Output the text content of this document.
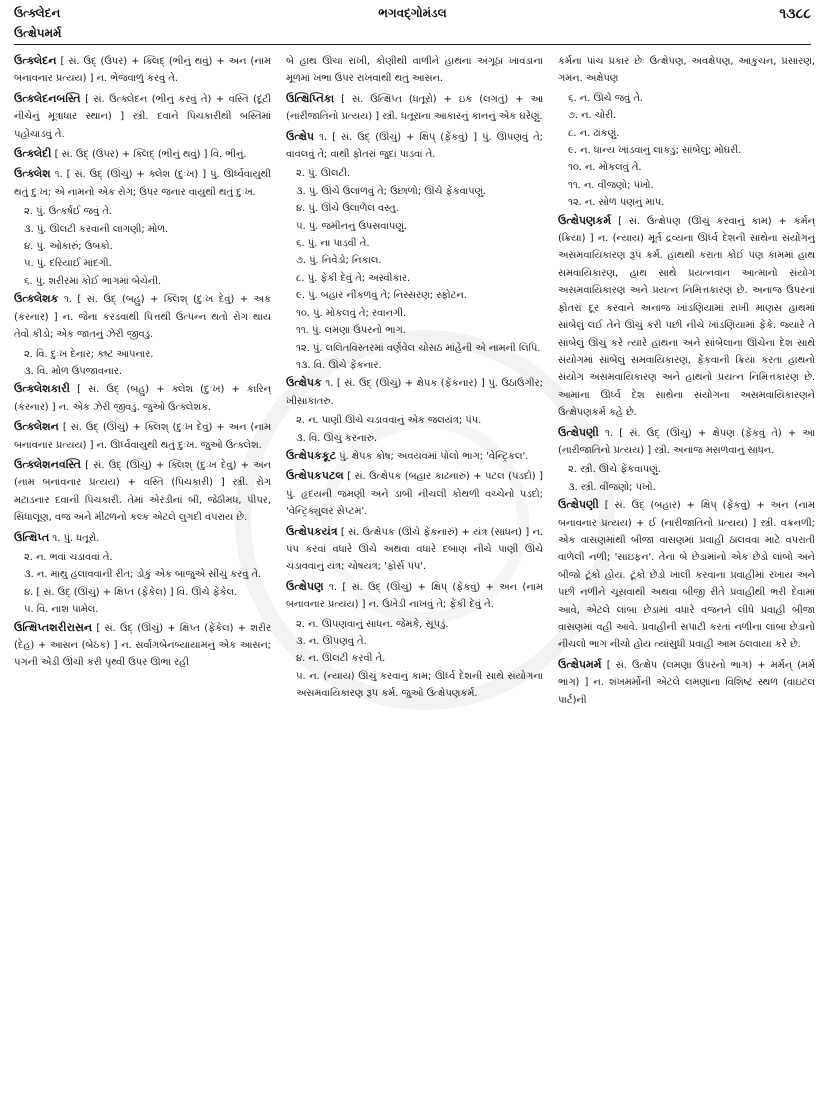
ઉત્ક્લેદન	ભગવદ્ગોમંડલ	૧૩૮૮
ઉત્ક્ષેપમર્મ
ઉત્ક્લેદન [ સં. ઉદ્ (ઉપર) + ક્લિદ્ (ભીનું થવું) + અન (નામ બનાવનાર પ્રત્યય) ] ન. ભેજવાળું કરવું તે.
ઉત્ક્લેદનબસ્તિ [ સં. ઉત્ક્લેદન (ભીનું કરવું તે) + વસ્તિ (દૂંટી નીચેનું મૂત્રાધાર સ્થાન) ] સ્ત્રી. દવાને પિચકારીથી બસ્તિમાં પહોંચાડવું તે.
ઉત્ક્લેદી [ સં. ઉદ્ (ઉપર) + ક્લિદ્ (ભીનું થવું) ] વિ. ભીનું.
ઉત્ક્લેશ ૧. [ સં. ઉદ્ (ઊંચું) + ક્લેશ (દુઃખ) ] પું. ઊર્ધ્વવાયુથી થતું દુઃખ; એ નામનો એક રોગ; ઉપર જનાર વાયુથી થતું દુઃખ.
૨. પું. ઉત્કર્ષઈ જવું તે.
૩. પું. ઊલટી કરવાની લાગણી; મોળ.
૪. પું. ઓકારું; ઉબકો.
૫. પું. દરિયાઈ માંદગી.
૬. પું. શરીરમાં કોઈ ભાગમાં બેચેની.
ઉત્ક્લેશક ૧. [ સં. ઉદ્ (બહુ) + ક્લિશ્ (દુઃખ દેવું) + અક (કરનાર) ] ન. જેના કરડવાથી પિત્તથી ઉત્પન્ન થતો રોગ થાય તેવો કીડો; એક જાતનું ઝેરી જીવડું.
૨. વિ. દુઃખ દેનાર; કષ્ટ આપનાર.
૩. વિ. મોળ ઉપજાવનાર.
ઉત્ક્લેશકારી [ સં. ઉદ્ (બહુ) + ક્લેશ (દુઃખ) + કારિન્ (કરનાર) ] ન. એક ઝેરી જીવડું. જુઓ ઉત્ક્લેશક.
ઉત્ક્લેશન [ સં. ઉદ્ (ઊંચું) + ક્લિશ્ (દુઃખ દેવું) + અન (નામ બનાવનાર પ્રત્યય) ] ન. ઊર્ધ્વવાયુથી થતું દુઃખ. જુઓ ઉત્ક્લેશ.
ઉત્ક્લેશનવસ્તિ [ સં. ઉદ્ (ઊંચું) + ક્લિશ્ (દુઃખ દેવું) + અન (નામ બનાવનાર પ્રત્યય) + વસ્તિ (પિચકારી) ] સ્ત્રી. રોગ મટાડનાર દવાની પિચકારી. તેમાં એરંડીનાં બી, જેઠીમધ, પીપર, સિંધાલૂણ, વજ અને મીંઢળનો કલ્ક એટલે લુગદી વપરાય છે.
ઉત્ક્ષિપ્ત ૧. પું. ધતૂરો.
૨. ન. ભવાં ચડાવવાં તે.
૩. ન. માથું હલાવવાની રીત; ડોકું એક બાજુએ સીંચું કરવું તે.
૪. [ સં. ઉદ્ (ઊંચું) + ક્ષિપ્ત (ફેંકેલ) ] વિ. ઊંચે ફેંકેલ.
૫. વિ. નાશ પામેલ.
ઉત્ક્ષિપ્તશરીરાસન [ સં. ઉદ્ (ઊંચું) + ક્ષિપ્ત (ફેંકેલ) + શરીર (દેહ) + આસન (બેઠક) ] ન. સર્વાંગબેનબ્યાયામનું એક આસન; પગની એડી ઊંચી કરી પૃથ્વી ઉપર ઊભા રહી
બે હાથ ઊંચા રાખી, કોણીથી વાળીને હાથના અંગૂઠા ખાવડાના મૂળમાં ખભા ઉપર રાખવાથી થતું આસન.
ઉત્ક્ષિપ્તિકા [ સં. ઉત્ક્ષિપ્ત (ધતૂરો) + ઇક (લગતું) + આ (નારીજાતિનો પ્રત્યય) ] સ્ત્રી. ધતૂરાના આકારનું કાનનું એક ઘરેણું.
ઉત્ક્ષેપ ૧. [ સં. ઉદ્ (ઊંચું) + ક્ષિપ્ (ફેંકવું) ] પું. ઊપણવું તે; વાવલવું તે; વાથી ફોતરાં જુદાં પાડવાં તે.
૨. પું. ઊલટી.
૩. પું. ઊંચે ઉલાળવું તે; ઉછાળો; ઊંચે ફેંકવાપણું.
૪. પું. ઊંચે ઉલાળેલ વસ્તુ.
૫. પું. જમીનનું ઉપસવાપણું.
૬. પું. ના પાડવી તે.
૭. પું. નિવેડો; નિકાલ.
૮. પું. ફેંકી દેવું તે; અસ્વીકાર.
૯. પું. બહાર નીકળવું તે; નિસ્સરણ; સ્ફોટન.
૧૦. પું. મોકલવું તે; રવાનગી.
૧૧. પું. લમણા ઉપરનો ભાગ.
૧૨. પું. લલિતવિસ્તરમાં વર્ણવેલ ચોસઠ માંહેની એ નામની લિપિ.
૧૩. વિ. ઊંચે ફેંકનાર.
ઉત્ક્ષેપક ૧. [ સં. ઉદ્ (ઊંચું) + ક્ષેપક (ફેંકનાર) ] પું. ઉઠાઉગીર; ખીસાકાતરુ.
૨. ન. પાણી ઊંચે ચડાવવાનું એક જલયંત્ર; પંપ.
૩. વિ. ઊંચું કરનારું.
ઉત્ક્ષેપકકૂટ પું. ક્ષેપક કોષ; અવયવમાં પોલો ભાગ; 'વેન્ટ્રિકલ'.
ઉત્ક્ષેપકપટલ [ સં. ઉત્ક્ષેપક (બહાર કાઢનારું) + પટલ (પડદો) ] પું. હૃદયની જમણી અને ડાબી નીચલી કોથળી વચ્ચેનો પડદો; 'વેન્ટ્રિક્યુલર સેપ્ટમ'.
ઉત્ક્ષેપકયંત્ર [ સં. ઉત્ક્ષેપક (ઊંચે ફેંકનારું) + યંત્ર (સાધન) ] ન. પંપ કરવાં વધારે ઊંચે અથવા વધારે દબાણ નીચે પાણી ઊંચે ચડાવવાનું યંત્ર; ચોષયંત્ર; 'ફોર્સ પંપ'.
ઉત્ક્ષેપણ ૧. [ સં. ઉદ્ (ઊંચું) + ક્ષિપ્ (ફેંકવું) + અન (નામ બનાવનાર પ્રત્યય) ] ન. ઉખેડી નાખવું તે; ફેંકી દેવું તે.
૨. ન. ઊપણવાનું સાધન. જેમકે, સૂપડું.
૩. ન. ઊપણવું તે.
૪. ન. ઊલટી કરવી તે.
૫. ન. (ન્યાય) ઊંચું કરવાનું કામ; ઊર્ધ્વ દેશની સાથે સંયોગના અસમવાયિકારણ રૂપ કર્મ. જુઓ ઉત્ક્ષેપણકર્મ.
કર્મના પાંચ પ્રકાર છેઃ ઉત્ક્ષેપણ, અવક્ષેપણ, આકુંચન, પ્રસારણ, ગમન. અક્ષેપણ
૬. ન. ઊંચે જવું તે.
૭. ન. ચોરી.
૮. ન. ઢાંકણું.
૯. ન. ધાન્ય ખાંડવાનું લાકડું; સાંબેલું; મોઘરી.
૧૦. ન. મોકલવું તે.
૧૧. ન. વીંજણો; પંખો.
૧૨. ન. સોળ પણનું માપ.
ઉત્ક્ષેપણકર્મ [ સં. ઉત્ક્ષેપણ (ઊંચું કરવાનું કામ) + કર્મન્ (ક્રિયા) ] ન. (ન્યાય) મૂર્ત દ્રવ્યના ઊર્ધ્વ દેશની સાથેના સંયોગનું અસમવાયિકારણ રૂપ કર્મ. હાથથી કરાતા કોઈ પણ કામમાં હાથ સમવાયિકારણ, હાથ સાથે પ્રયત્નવાન આત્માનો સંયોગ અસમવાયિકારણ અને પ્રયત્ન નિમિત્તકારણ છે. અનાજ ઉપરનાં ફોતરાં દૂર કરવાને અનાજ ખાંડણિયામાં રાખી માણસ હાથમાં સાંબેલું લઈ તેને ઊંચું કરી પછી નીચે ખાંડણિયામાં ફેંકે. જ્યારે તે સાંબેલું ઊંચું કરે ત્યારે હાથના અને સાંબેલાના ઊંચેના દેશ સાથે સંયોગમાં સાંબેલું સમવાયિકારણ, ફેંકવાની ક્રિયા કરતા હાથનો સંયોગ અસમવાયિકારણ અને હાથનો પ્રયત્ન નિમિત્તકારણ છે. આમાંના ઊર્ધ્વ દેશ સાથેના સંયોગના અસમવાયિકારણને ઉત્ક્ષેપણકર્મ કહે છે.
ઉત્ક્ષેપણી ૧. [ સં. ઉદ્ (ઊંચું) + ક્ષેપણ (ફેંકવું તે) + આ (નારીજાતિનો પ્રત્યય) ] સ્ત્રી. અનાજ મસળવાનું સાધન.
૨. સ્ત્રી. ઊંચે ફેંકવાપણું.
૩. સ્ત્રી. વીંજણો; પંખો.
ઉત્ક્ષેપણી [ સં. ઉદ્ (બહાર) + ક્ષિપ્ (ફેંકવું) + અન (નામ બનાવનાર પ્રત્યય) + ઈ (નારીજાતિનો પ્રત્યય) ] સ્ત્રી. વક્રનળી; એક વાસણમાંથી બીજા વાસણમાં પ્રવાહી ઠાલવવા માટે વપરાતી વાળેલી નળી; 'સાઇફન'. તેના બે છેડામાંનો એક છેડો લાંબો અને બીજો ટૂંકો હોય. ટૂંકો છેડો ખાલી કરવાના પ્રવાહીમાં રખાય અને પછી નળીને ચૂસવાથી અથવા બીજી રીતે પ્રવાહીથી ભરી દેવામાં આવે, એટલે લાંબા છેડામાં વધારે વજનને લીધે પ્રવાહી બીજા વાસણમાં વહી આવે. પ્રવાહીની સપાટી કરતાં નળીના લાંબા છેડાનો નીચલો ભાગ નીચો હોય ત્યાંસુધી પ્રવાહી આમ ઠલવાયા કરે છે.
ઉત્ક્ષેપમર્મ [ સં. ઉત્ક્ષેપ (લમણા ઉપરનો ભાગ) + મર્મન્ (મર્મ ભાગ) ] ન. શંખમર્મોની એટલે લમણાના વિશિષ્ટ સ્થળ (વાઇટલ પાર્ટ)ની
